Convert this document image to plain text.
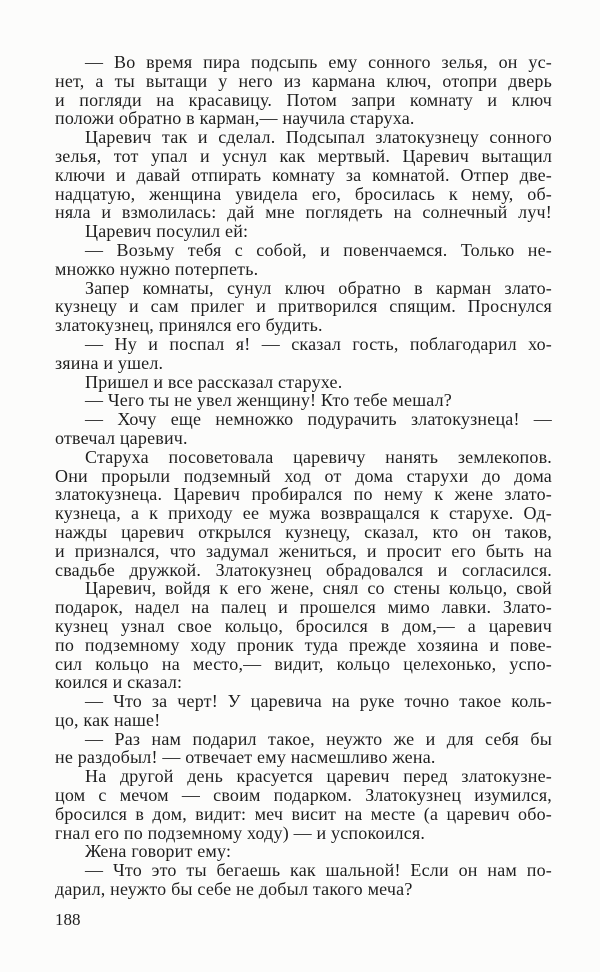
— Во время пира подсыпь ему сонного зелья, он ус-
нет, а ты вытащи у него из кармана ключ, отопри дверь
и погляди на красавицу. Потом запри комнату и ключ
положи обратно в карман,— научила старуха.
Царевич так и сделал. Подсыпал златокузнецу сонного
зелья, тот упал и уснул как мертвый. Царевич вытащил
ключи и давай отпирать комнату за комнатой. Отпер две-
надцатую, женщина увидела его, бросилась к нему, об-
няла и взмолилась: дай мне поглядеть на солнечный луч!
Царевич посулил ей:
— Возьму тебя с собой, и повенчаемся. Только не-
множко нужно потерпеть.
Запер комнаты, сунул ключ обратно в карман злато-
кузнецу и сам прилег и притворился спящим. Проснулся
златокузнец, принялся его будить.
— Ну и поспал я! — сказал гость, поблагодарил хо-
зяина и ушел.
Пришел и все рассказал старухе.
— Чего ты не увел женщину! Кто тебе мешал?
— Хочу еще немножко подурачить златокузнеца! —
отвечал царевич.
Старуха посоветовала царевичу нанять землекопов.
Они прорыли подземный ход от дома старухи до дома
златокузнеца. Царевич пробирался по нему к жене злато-
кузнеца, а к приходу ее мужа возвращался к старухе. Од-
нажды царевич открылся кузнецу, сказал, кто он таков,
и признался, что задумал жениться, и просит его быть на
свадьбе дружкой. Златокузнец обрадовался и согласился.
Царевич, войдя к его жене, снял со стены кольцо, свой
подарок, надел на палец и прошелся мимо лавки. Злато-
кузнец узнал свое кольцо, бросился в дом,— а царевич
по подземному ходу проник туда прежде хозяина и пове-
сил кольцо на место,— видит, кольцо целехонько, успо-
коился и сказал:
— Что за черт! У царевича на руке точно такое коль-
цо, как наше!
— Раз нам подарил такое, неужто же и для себя бы
не раздобыл! — отвечает ему насмешливо жена.
На другой день красуется царевич перед златокузне-
цом с мечом — своим подарком. Златокузнец изумился,
бросился в дом, видит: меч висит на месте (а царевич обо-
гнал его по подземному ходу) — и успокоился.
Жена говорит ему:
— Что это ты бегаешь как шальной! Если он нам по-
дарил, неужто бы себе не добыл такого меча?
188
